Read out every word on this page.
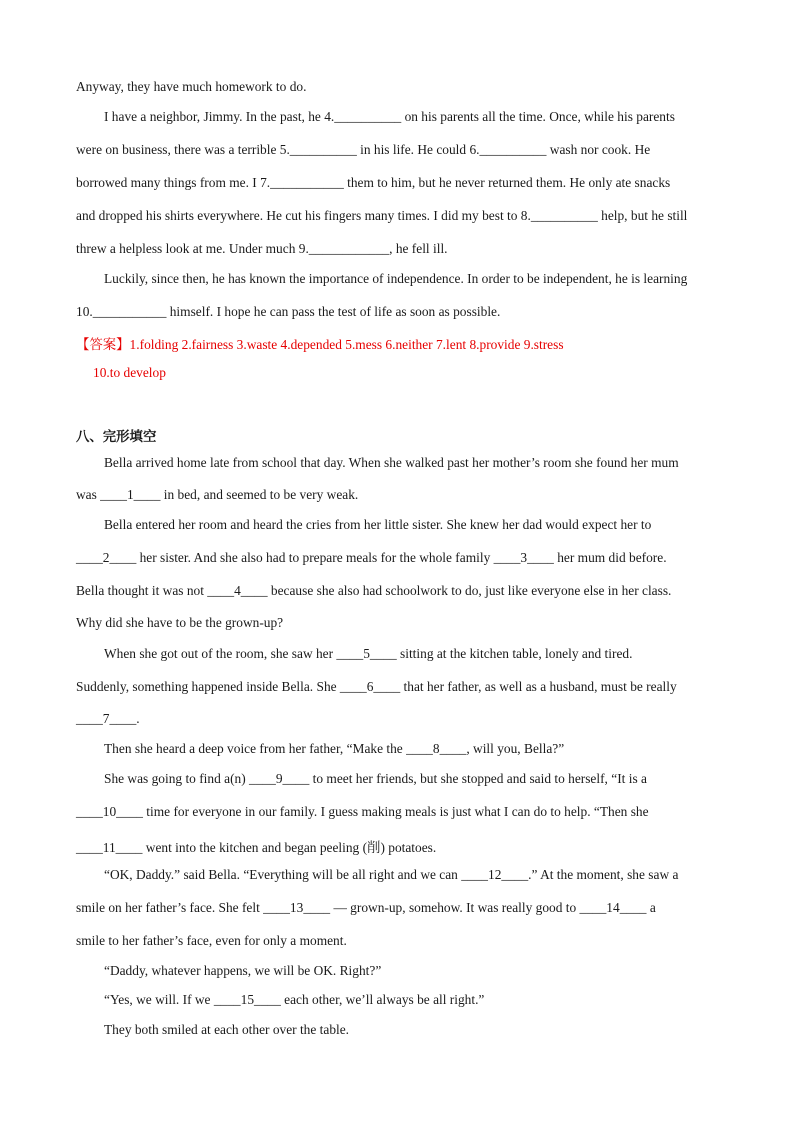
Anyway, they have much homework to do.
I have a neighbor, Jimmy. In the past, he 4.__________ on his parents all the time. Once, while his parents
were on business, there was a terrible 5.__________ in his life. He could 6.__________ wash nor cook. He
borrowed many things from me. I 7.___________ them to him, but he never returned them. He only ate snacks
and dropped his shirts everywhere. He cut his fingers many times. I did my best to 8.__________ help, but he still
threw a helpless look at me. Under much 9.____________, he fell ill.
Luckily, since then, he has known the importance of independence. In order to be independent, he is learning
10.___________ himself. I hope he can pass the test of life as soon as possible.
【答案】1.folding 2.fairness 3.waste 4.depended 5.mess 6.neither 7.lent 8.provide 9.stress
10.to develop
八、完形填空
Bella arrived home late from school that day. When she walked past her mother’s room she found her mum
was ____1____ in bed, and seemed to be very weak.
Bella entered her room and heard the cries from her little sister. She knew her dad would expect her to
____2____ her sister. And she also had to prepare meals for the whole family ____3____ her mum did before.
Bella thought it was not ____4____ because she also had schoolwork to do, just like everyone else in her class.
Why did she have to be the grown-up?
When she got out of the room, she saw her ____5____ sitting at the kitchen table, lonely and tired.
Suddenly, something happened inside Bella. She ____6____ that her father, as well as a husband, must be really
____7____.
Then she heard a deep voice from her father, “Make the ____8____, will you, Bella?”
She was going to find a(n) ____9____ to meet her friends, but she stopped and said to herself, “It is a
____10____ time for everyone in our family. I guess making meals is just what I can do to help. “Then she
____11____ went into the kitchen and began peeling (削) potatoes.
“OK, Daddy.” said Bella. “Everything will be all right and we can ____12____.” At the moment, she saw a
smile on her father’s face. She felt ____13____ — grown-up, somehow. It was really good to ____14____ a
smile to her father’s face, even for only a moment.
“Daddy, whatever happens, we will be OK. Right?”
“Yes, we will. If we ____15____ each other, we’ll always be all right.”
They both smiled at each other over the table.
